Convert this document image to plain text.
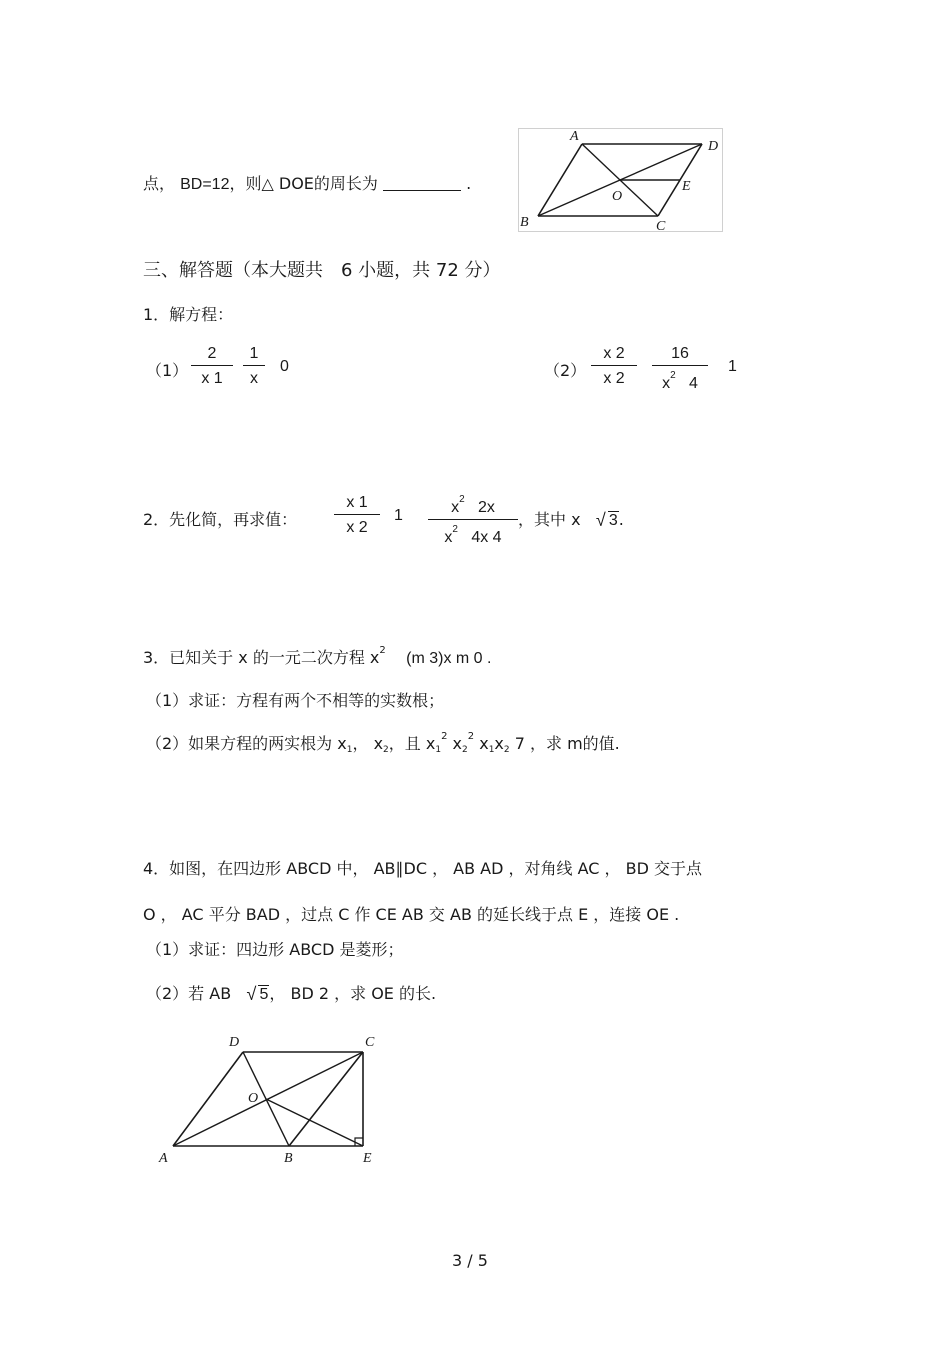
点， BD=12，则△ DOE的周长为	.
A
D
B	C
O
E
三、解答题（本大题共　6 小题，共 72 分）
1．解方程：
$(1) \frac{2}{x 1} \frac{1}{x} 0$	$(2) \frac{x 2}{x 2} \frac{16}{x^2 4} 1$
2．先化简，再求值： $\frac{x 1}{x 2} 1 \frac{x^2 2x}{x^2 4x 4}$ ，其中 x √ 3.
3．已知关于 x 的一元二次方程 $x^2$ (m 3)x m 0 .
（1）求证：方程有两个不相等的实数根；
（2）如果方程的两实根为 $x_1$， $x_2$，且 $x_1^2$ $x_2^2$ $x_1x_2$ 7 ，求 m的值.
4．如图，在四边形 ABCD 中， AB∥DC ， AB AD ，对角线 AC ， BD 交于点
O ， AC 平分 BAD ，过点 C 作 CE AB 交 AB 的延长线于点 E ，连接 OE .
（1）求证：四边形 ABCD 是菱形；
（2）若 AB √ 5， BD 2 ，求 OE 的长.
D	C
O
A	B	E
3 / 5
